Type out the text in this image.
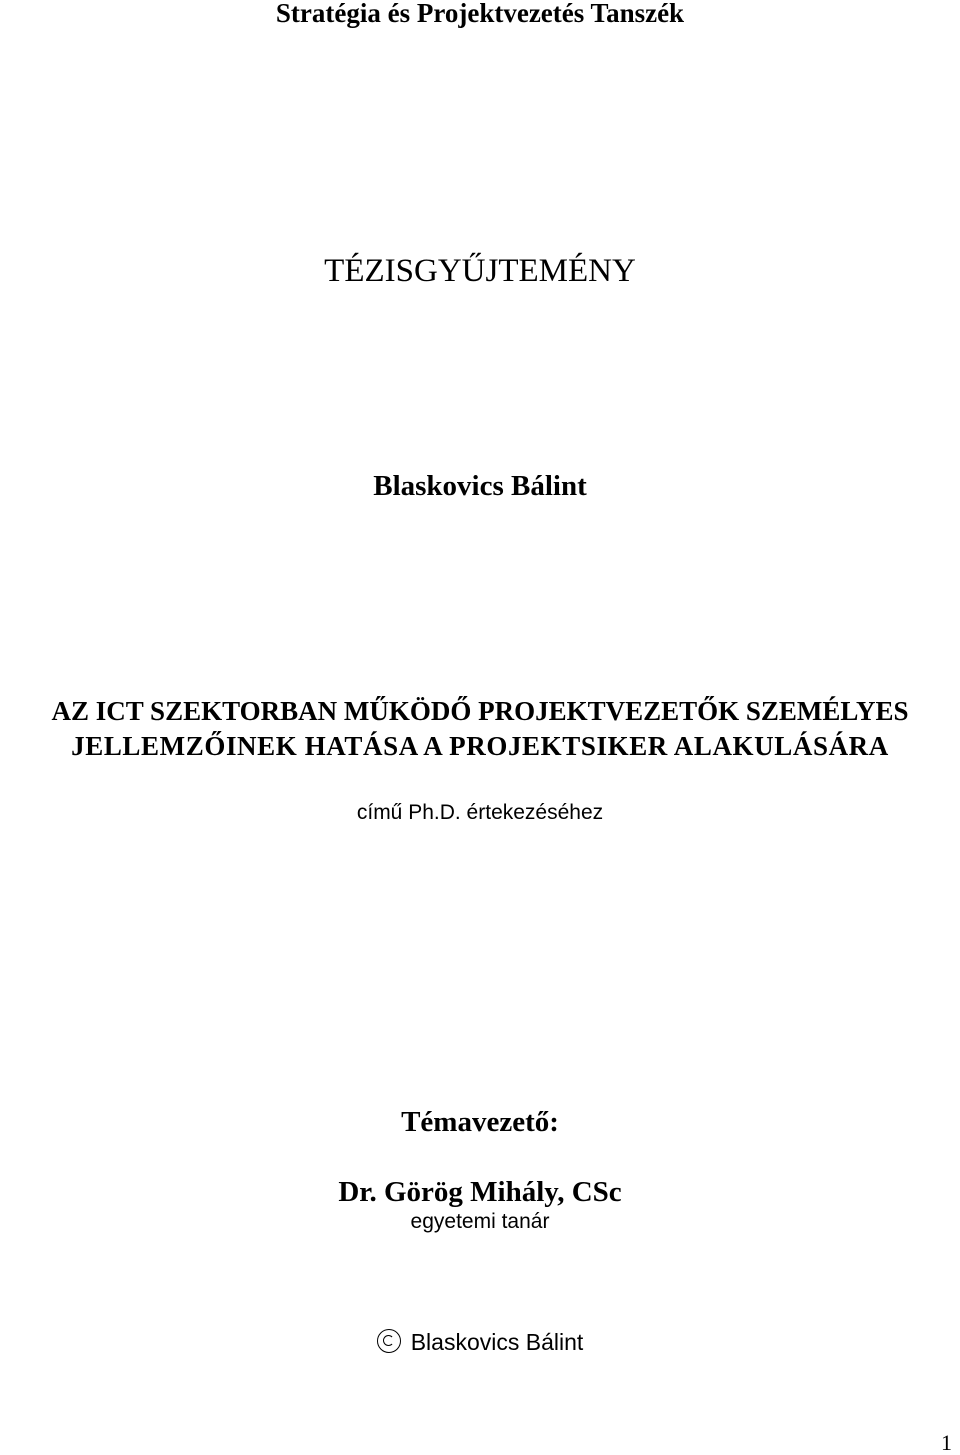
Stratégia és Projektvezetés Tanszék
TÉZISGYŰJTEMÉNY
Blaskovics Bálint
AZ ICT SZEKTORBAN MŰKÖDŐ PROJEKTVEZETŐK SZEMÉLYES
JELLEMZŐINEK HATÁSA A PROJEKTSIKER ALAKULÁSÁRA
című Ph.D. értekezéséhez
Témavezető:
Dr. Görög Mihály, CSc
egyetemi tanár
Blaskovics Bálint
1
